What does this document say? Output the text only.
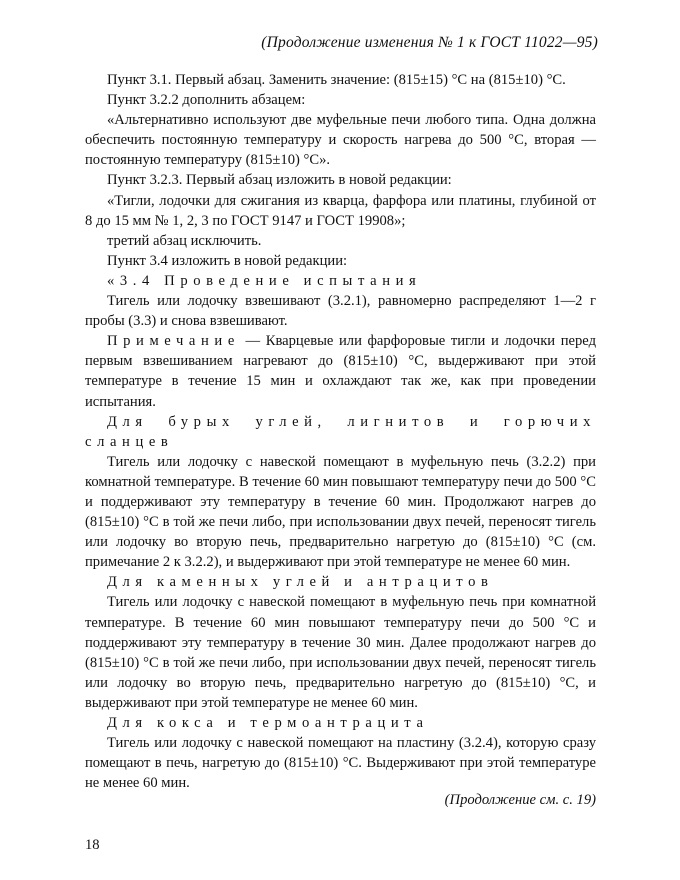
(Продолжение изменения № 1 к ГОСТ 11022—95)

Пункт 3.1. Первый абзац. Заменить значение: (815±15) °С на (815±10) °С.

Пункт 3.2.2 дополнить абзацем:

«Альтернативно используют две муфельные печи любого типа. Одна должна обеспечить постоянную температуру и скорость нагрева до 500 °С, вторая — постоянную температуру (815±10) °С».

Пункт 3.2.3. Первый абзац изложить в новой редакции:

«Тигли, лодочки для сжигания из кварца, фарфора или платины, глубиной от 8 до 15 мм № 1, 2, 3 по ГОСТ 9147 и ГОСТ 19908»;

третий абзац исключить.

Пункт 3.4 изложить в новой редакции:

«3.4 Проведение испытания

Тигель или лодочку взвешивают (3.2.1), равномерно распределяют 1—2 г пробы (3.3) и снова взвешивают.

Примечание — Кварцевые или фарфоровые тигли и лодочки перед первым взвешиванием нагревают до (815±10) °С, выдерживают при этой температуре в течение 15 мин и охлаждают так же, как при проведении испытания.

Для бурых углей, лигнитов и горючих сланцев

Тигель или лодочку с навеской помещают в муфельную печь (3.2.2) при комнатной температуре. В течение 60 мин повышают температуру печи до 500 °С и поддерживают эту температуру в течение 60 мин. Продолжают нагрев до (815±10) °С в той же печи либо, при использовании двух печей, переносят тигель или лодочку во вторую печь, предварительно нагретую до (815±10) °С (см. примечание 2 к 3.2.2), и выдерживают при этой температуре не менее 60 мин.

Для каменных углей и антрацитов

Тигель или лодочку с навеской помещают в муфельную печь при комнатной температуре. В течение 60 мин повышают температуру печи до 500 °С и поддерживают эту температуру в течение 30 мин. Далее продолжают нагрев до (815±10) °С в той же печи либо, при использовании двух печей, переносят тигель или лодочку во вторую печь, предварительно нагретую до (815±10) °С, и выдерживают при этой температуре не менее 60 мин.

Для кокса и термоантрацита

Тигель или лодочку с навеской помещают на пластину (3.2.4), которую сразу помещают в печь, нагретую до (815±10) °С. Выдерживают при этой температуре не менее 60 мин.

(Продолжение см. с. 19)
18
